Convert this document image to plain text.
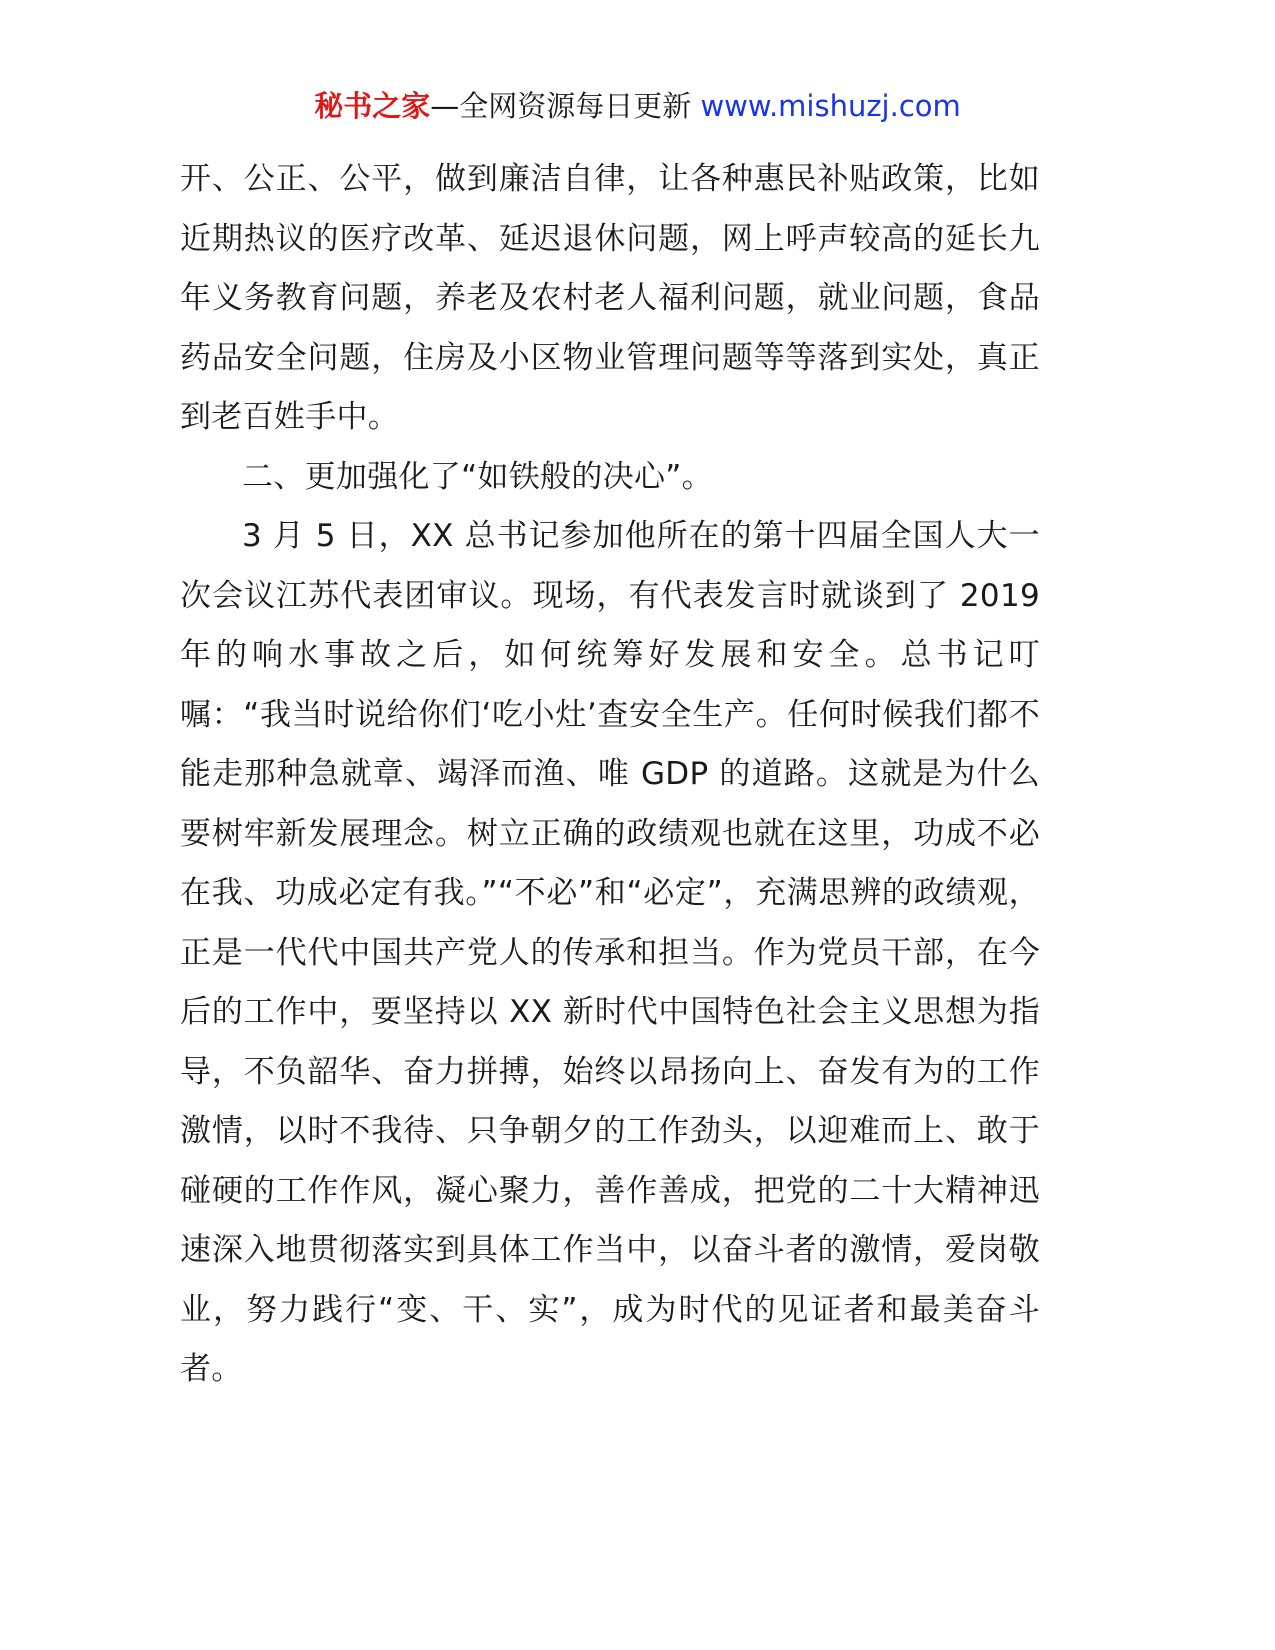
秘书之家—全网资源每日更新 www.mishuzj.com

开、公正、公平，做到廉洁自律，让各种惠民补贴政策，比如近期热议的医疗改革、延迟退休问题，网上呼声较高的延长九年义务教育问题，养老及农村老人福利问题，就业问题，食品药品安全问题，住房及小区物业管理问题等等落到实处，真正到老百姓手中。

二、更加强化了“如铁般的决心”。

3 月 5 日，XX 总书记参加他所在的第十四届全国人大一次会议江苏代表团审议。现场，有代表发言时就谈到了 2019 年的响水事故之后，如何统筹好发展和安全。总书记叮嘱：“我当时说给你们‘吃小灶’查安全生产。任何时候我们都不能走那种急就章、竭泽而渔、唯 GDP 的道路。这就是为什么要树牢新发展理念。树立正确的政绩观也就在这里，功成不必在我、功成必定有我。”“不必”和“必定”，充满思辨的政绩观，正是一代代中国共产党人的传承和担当。作为党员干部，在今后的工作中，要坚持以 XX 新时代中国特色社会主义思想为指导，不负韶华、奋力拼搏，始终以昂扬向上、奋发有为的工作激情，以时不我待、只争朝夕的工作劲头，以迎难而上、敢于碰硬的工作作风，凝心聚力，善作善成，把党的二十大精神迅速深入地贯彻落实到具体工作当中，以奋斗者的激情，爱岗敬业，努力践行“变、干、实”，成为时代的见证者和最美奋斗者。
